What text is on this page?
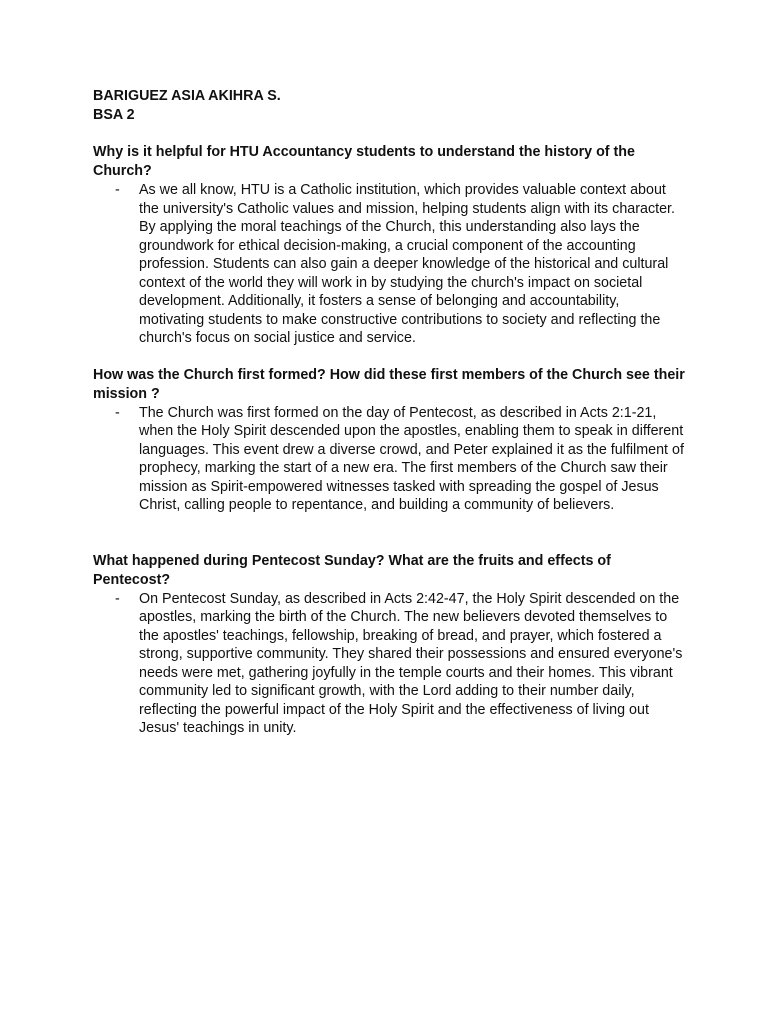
BARIGUEZ ASIA AKIHRA S.
BSA 2

Why is it helpful for HTU Accountancy students to understand the history of the Church?

-	As we all know, HTU is a Catholic institution, which provides valuable context about the university's Catholic values and mission, helping students align with its character. By applying the moral teachings of the Church, this understanding also lays the groundwork for ethical decision-making, a crucial component of the accounting profession. Students can also gain a deeper knowledge of the historical and cultural context of the world they will work in by studying the church's impact on societal development. Additionally, it fosters a sense of belonging and accountability, motivating students to make constructive contributions to society and reflecting the church's focus on social justice and service.

How was the Church first formed? How did these first members of the Church see their mission ?

-	The Church was first formed on the day of Pentecost, as described in Acts 2:1-21, when the Holy Spirit descended upon the apostles, enabling them to speak in different languages. This event drew a diverse crowd, and Peter explained it as the fulfilment of prophecy, marking the start of a new era. The first members of the Church saw their mission as Spirit-empowered witnesses tasked with spreading the gospel of Jesus Christ, calling people to repentance, and building a community of believers.

What happened during Pentecost Sunday? What are the fruits and effects of Pentecost?

-	On Pentecost Sunday, as described in Acts 2:42-47, the Holy Spirit descended on the apostles, marking the birth of the Church. The new believers devoted themselves to the apostles' teachings, fellowship, breaking of bread, and prayer, which fostered a strong, supportive community. They shared their possessions and ensured everyone's needs were met, gathering joyfully in the temple courts and their homes. This vibrant community led to significant growth, with the Lord adding to their number daily, reflecting the powerful impact of the Holy Spirit and the effectiveness of living out Jesus' teachings in unity.
